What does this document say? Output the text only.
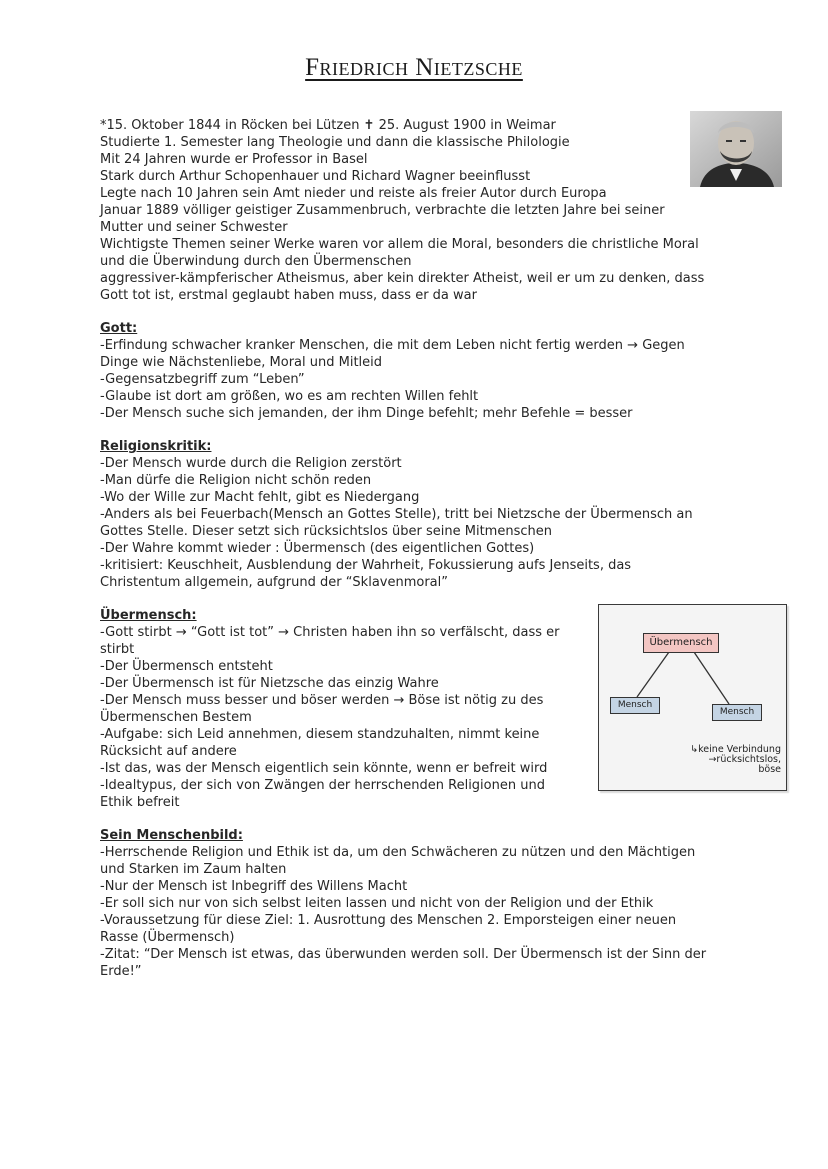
Friedrich Nietzsche
*15. Oktober 1844 in Röcken bei Lützen ✝ 25. August 1900 in Weimar
Studierte 1. Semester lang Theologie und dann die klassische Philologie
Mit 24 Jahren wurde er Professor in Basel
Stark durch Arthur Schopenhauer und Richard Wagner beeinflusst
Legte nach 10 Jahren sein Amt nieder und reiste als freier Autor durch Europa
Januar 1889 völliger geistiger Zusammenbruch, verbrachte die letzten Jahre bei seiner
Mutter und seiner Schwester
Wichtigste Themen seiner Werke waren vor allem die Moral, besonders die christliche Moral
und die Überwindung durch den Übermenschen
aggressiver-kämpferischer Atheismus, aber kein direkter Atheist, weil er um zu denken, dass
Gott tot ist, erstmal geglaubt haben muss, dass er da war
Gott:
-Erfindung schwacher kranker Menschen, die mit dem Leben nicht fertig werden → Gegen
Dinge wie Nächstenliebe, Moral und Mitleid
-Gegensatzbegriff zum “Leben”
-Glaube ist dort am größen, wo es am rechten Willen fehlt
-Der Mensch suche sich jemanden, der ihm Dinge befehlt; mehr Befehle = besser
Religionskritik:
-Der Mensch wurde durch die Religion zerstört
-Man dürfe die Religion nicht schön reden
-Wo der Wille zur Macht fehlt, gibt es Niedergang
-Anders als bei Feuerbach(Mensch an Gottes Stelle), tritt bei Nietzsche der Übermensch an
Gottes Stelle. Dieser setzt sich rücksichtslos über seine Mitmenschen
-Der Wahre kommt wieder : Übermensch (des eigentlichen Gottes)
-kritisiert: Keuschheit, Ausblendung der Wahrheit, Fokussierung aufs Jenseits, das
Christentum allgemein, aufgrund der “Sklavenmoral”
Übermensch:
-Gott stirbt → “Gott ist tot” → Christen haben ihn so verfälscht, dass er
stirbt
-Der Übermensch entsteht
-Der Übermensch ist für Nietzsche das einzig Wahre
-Der Mensch muss besser und böser werden → Böse ist nötig zu des
Übermenschen Bestem
-Aufgabe: sich Leid annehmen, diesem standzuhalten, nimmt keine
Rücksicht auf andere
-Ist das, was der Mensch eigentlich sein könnte, wenn er befreit wird
-Idealtypus, der sich von Zwängen der herrschenden Religionen und
Ethik befreit
Übermensch
Mensch
Mensch
↳keine Verbindung
→rücksichtslos,
böse
Sein Menschenbild:
-Herrschende Religion und Ethik ist da, um den Schwächeren zu nützen und den Mächtigen
und Starken im Zaum halten
-Nur der Mensch ist Inbegriff des Willens Macht
-Er soll sich nur von sich selbst leiten lassen und nicht von der Religion und der Ethik
-Voraussetzung für diese Ziel: 1. Ausrottung des Menschen 2. Emporsteigen einer neuen
Rasse (Übermensch)
-Zitat: “Der Mensch ist etwas, das überwunden werden soll. Der Übermensch ist der Sinn der
Erde!”
